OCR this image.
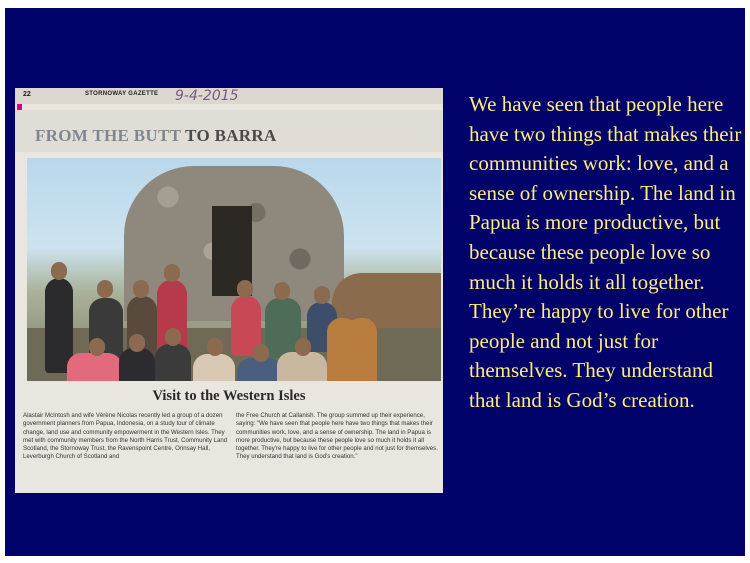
22	STORNOWAY GAZETTE 9-4-2015
FROM THE BUTT TO BARRA
Visit to the Western Isles
Alastair McIntosh and wife Vérène Nicolas recently led a group of a dozen government planners from Papua, Indonesia, on a study tour of climate change, land use and community empowerment in the Western Isles. They met with community members from the North Harris Trust, Community Land Scotland, the Stornoway Trust, the Ravenspoint Centre, Orinsay Hall, Leverburgh Church of Scotland and
the Free Church at Callanish. The group summed up their experience, saying: "We have seen that people here have two things that makes their communities work, love, and a sense of ownership. The land in Papua is more productive, but because these people love so much it holds it all together. They're happy to live for other people and not just for themselves. They understand that land is God's creation."
We have seen that people here have two things that makes their communities work: love, and a sense of ownership. The land in Papua is more productive, but because these people love so much it holds it all together. They’re happy to live for other people and not just for themselves. They understand that land is God’s creation.
